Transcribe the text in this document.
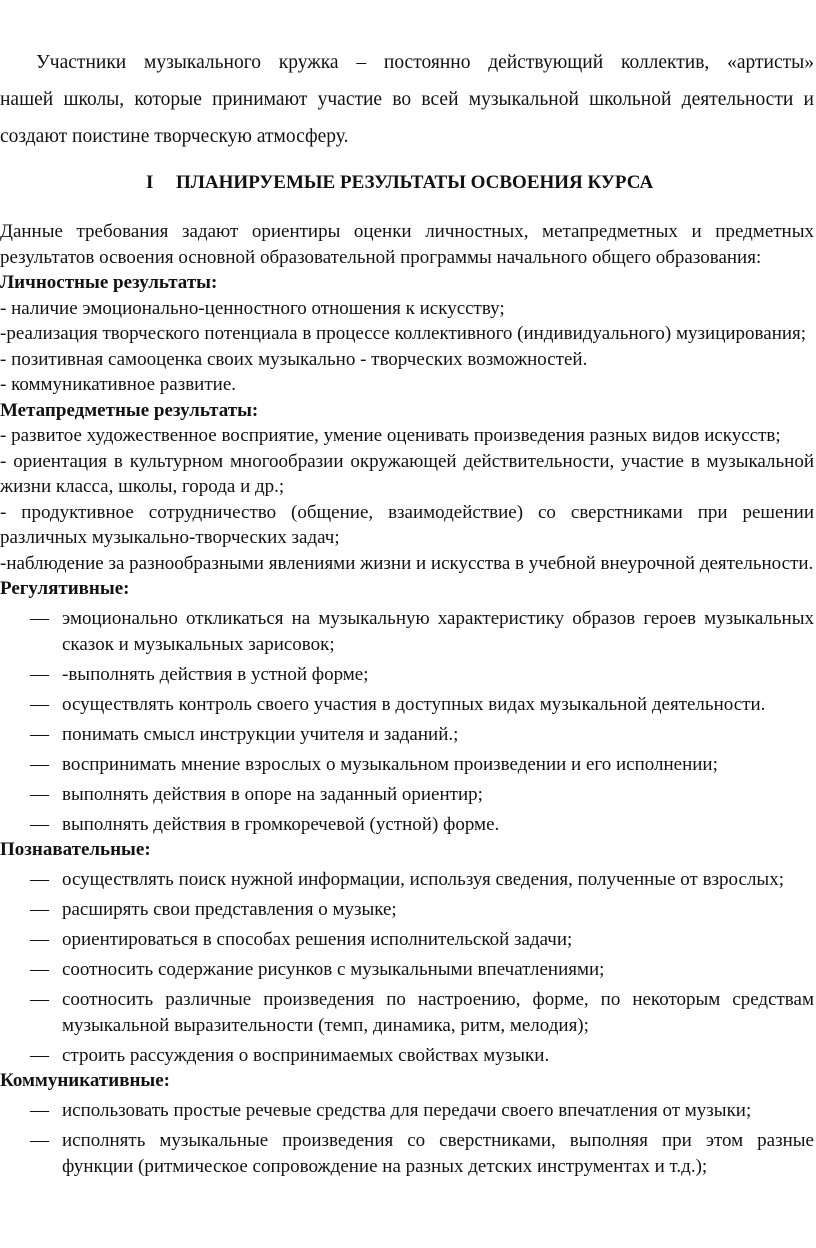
Участники музыкального кружка – постоянно действующий коллектив, «артисты»
нашей школы, которые принимают участие во всей музыкальной школьной деятельности и
создают поистине творческую атмосферу.
I ПЛАНИРУЕМЫЕ РЕЗУЛЬТАТЫ ОСВОЕНИЯ КУРСА

Данные требования задают ориентиры оценки личностных, метапредметных и предметных результатов освоения основной образовательной программы начального общего образования:

Личностные результаты:

- наличие эмоционально-ценностного отношения к искусству;

-реализация творческого потенциала в процессе коллективного (индивидуального) музицирования;

- позитивная самооценка своих музыкально - творческих возможностей.

- коммуникативное развитие.

Метапредметные результаты:

- развитое художественное восприятие, умение оценивать произведения разных видов искусств;

- ориентация в культурном многообразии окружающей действительности, участие в музыкальной жизни класса, школы, города и др.;

- продуктивное сотрудничество (общение, взаимодействие) со сверстниками при решении различных музыкально-творческих задач;

-наблюдение за разнообразными явлениями жизни и искусства в учебной внеурочной деятельности.

Регулятивные:

— эмоционально откликаться на музыкальную характеристику образов героев музыкальных сказок и музыкальных зарисовок;
— -выполнять действия в устной форме;
— осуществлять контроль своего участия в доступных видах музыкальной деятельности.
— понимать смысл инструкции учителя и заданий.;
— воспринимать мнение взрослых о музыкальном произведении и его исполнении;
— выполнять действия в опоре на заданный ориентир;
— выполнять действия в громкоречевой (устной) форме.

Познавательные:

— осуществлять поиск нужной информации, используя сведения, полученные от взрослых;
— расширять свои представления о музыке;
— ориентироваться в способах решения исполнительской задачи;
— соотносить содержание рисунков с музыкальными впечатлениями;
— соотносить различные произведения по настроению, форме, по некоторым средствам музыкальной выразительности (темп, динамика, ритм, мелодия);
— строить рассуждения о воспринимаемых свойствах музыки.

Коммуникативные:

— использовать простые речевые средства для передачи своего впечатления от музыки;
— исполнять музыкальные произведения со сверстниками, выполняя при этом разные функции (ритмическое сопровождение на разных детских инструментах и т.д.);
